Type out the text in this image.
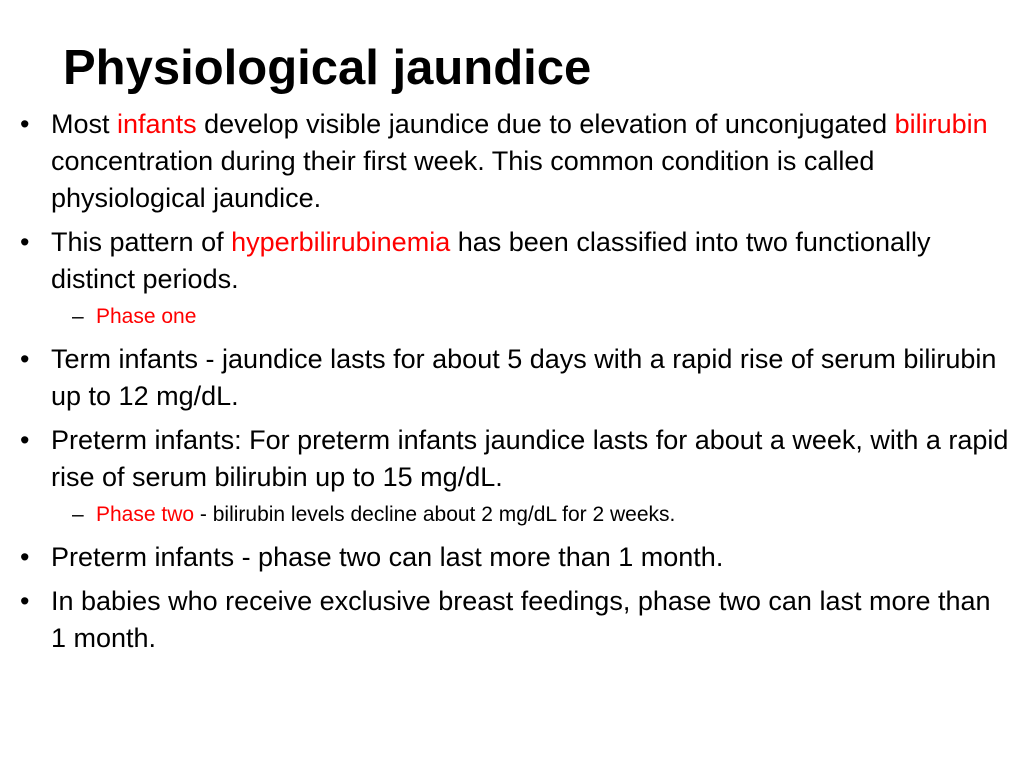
Physiological jaundice
• Most infants develop visible jaundice due to elevation of unconjugated bilirubin concentration during their first week. This common condition is called physiological jaundice.
• This pattern of hyperbilirubinemia has been classified into two functionally distinct periods.
– Phase one
• Term infants - jaundice lasts for about 5 days with a rapid rise of serum bilirubin up to 12 mg/dL.
• Preterm infants: For preterm infants jaundice lasts for about a week, with a rapid rise of serum bilirubin up to 15 mg/dL.
– Phase two - bilirubin levels decline about 2 mg/dL for 2 weeks.
• Preterm infants - phase two can last more than 1 month.
• In babies who receive exclusive breast feedings, phase two can last more than 1 month.
